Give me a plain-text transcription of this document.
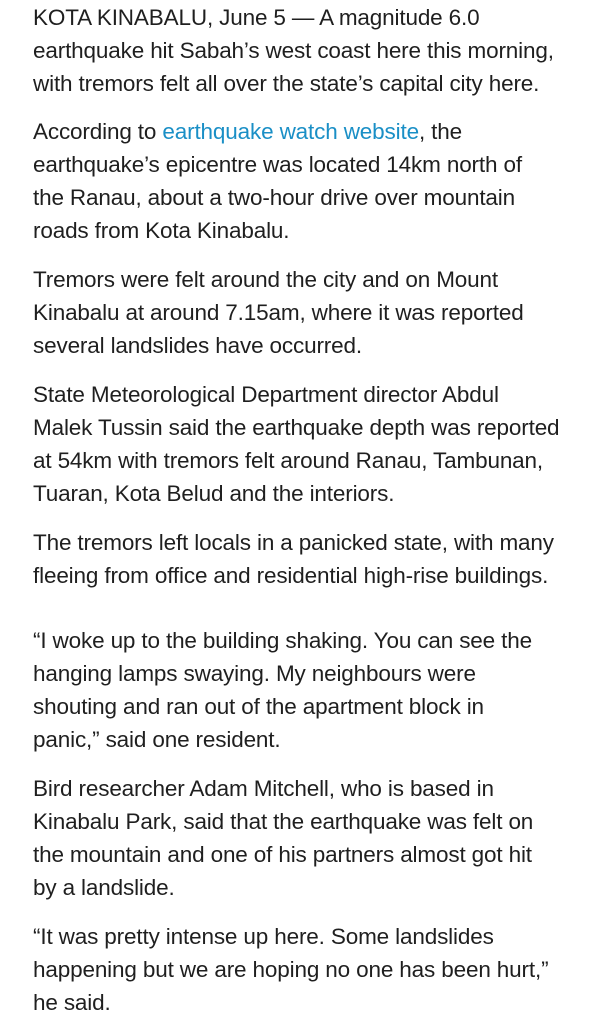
KOTA KINABALU, June 5 — A magnitude 6.0
earthquake hit Sabah’s west coast here this morning,
with tremors felt all over the state’s capital city here.

According to earthquake watch website, the
earthquake’s epicentre was located 14km north of
the Ranau, about a two-hour drive over mountain
roads from Kota Kinabalu.

Tremors were felt around the city and on Mount
Kinabalu at around 7.15am, where it was reported
several landslides have occurred.

State Meteorological Department director Abdul
Malek Tussin said the earthquake depth was reported
at 54km with tremors felt around Ranau, Tambunan,
Tuaran, Kota Belud and the interiors.

The tremors left locals in a panicked state, with many
fleeing from office and residential high-rise buildings.

“I woke up to the building shaking. You can see the
hanging lamps swaying. My neighbours were
shouting and ran out of the apartment block in
panic,” said one resident.

Bird researcher Adam Mitchell, who is based in
Kinabalu Park, said that the earthquake was felt on
the mountain and one of his partners almost got hit
by a landslide.

“It was pretty intense up here. Some landslides
happening but we are hoping no one has been hurt,”
he said.
